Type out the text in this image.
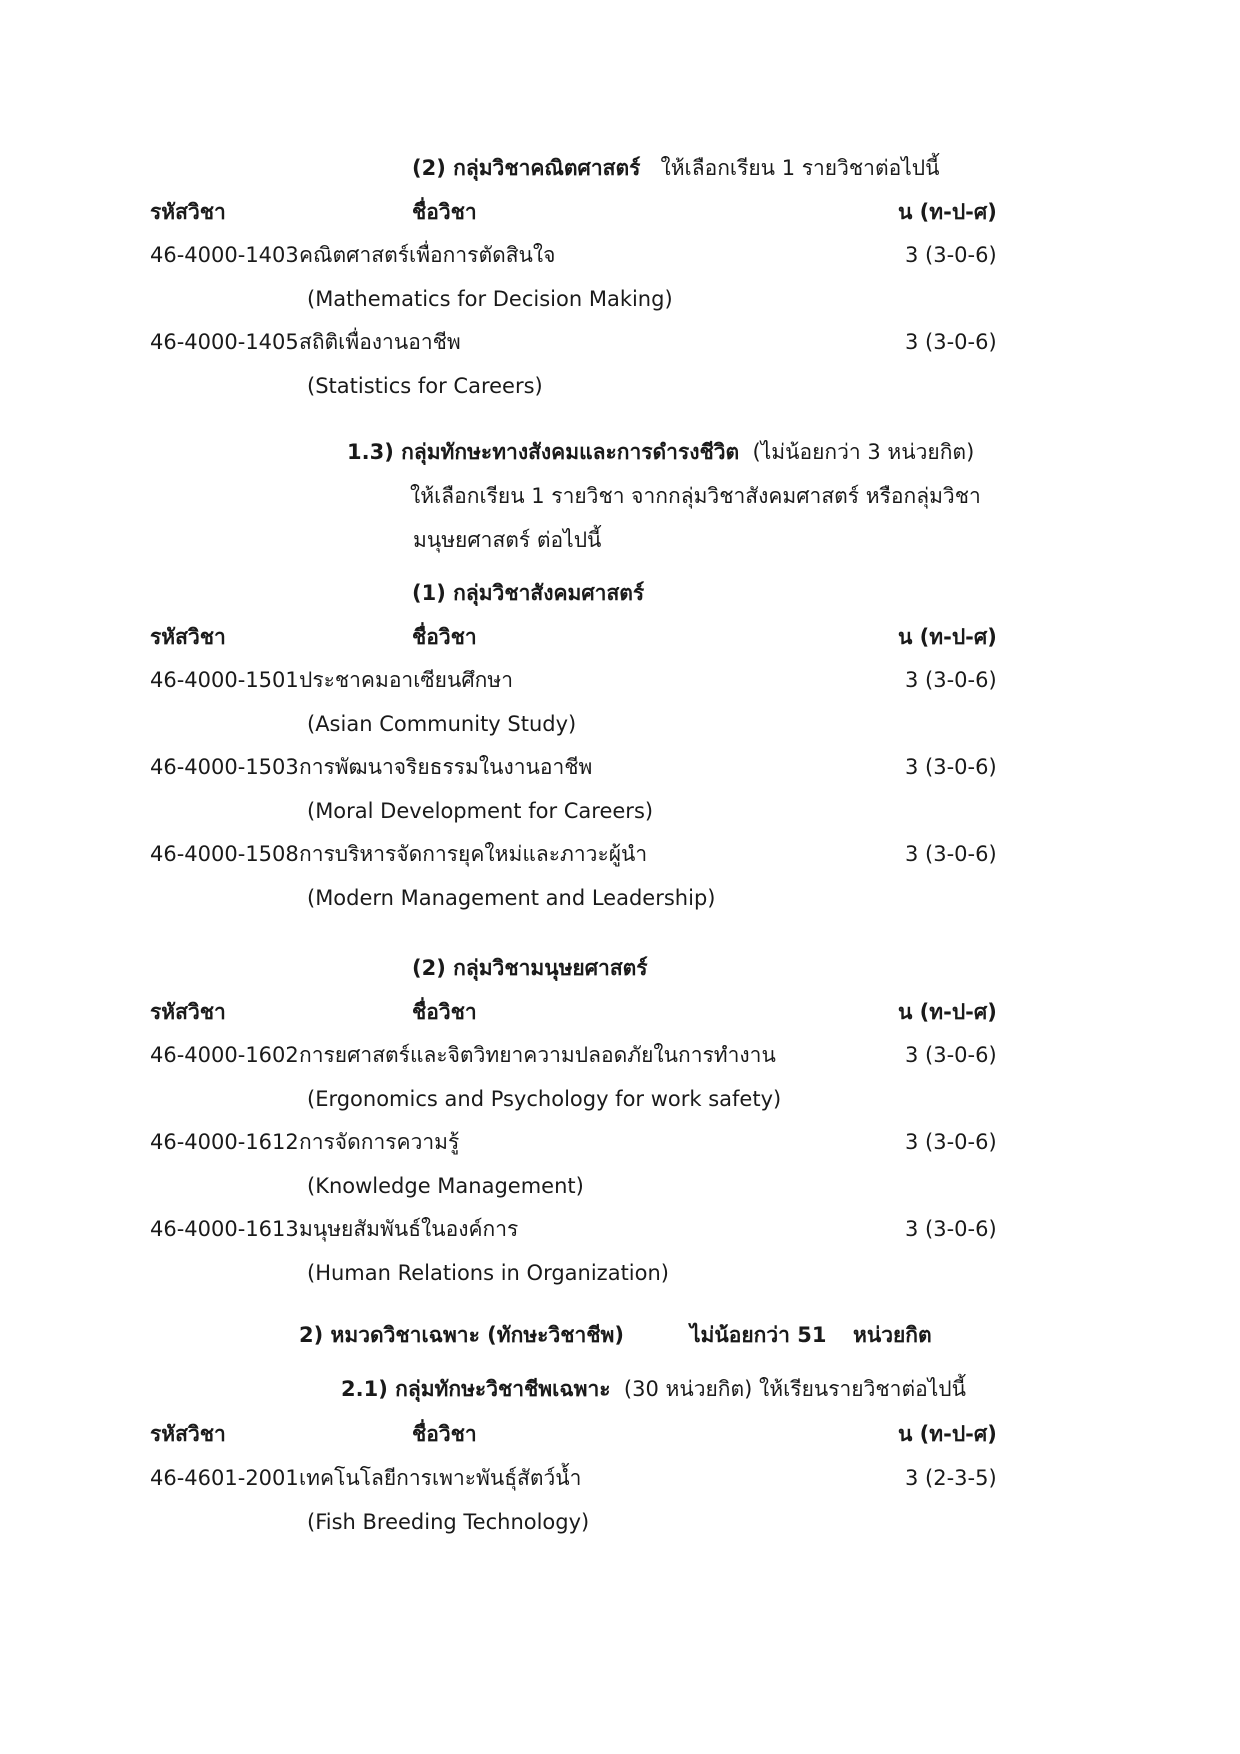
(2) กลุ่มวิชาคณิตศาสตร์ ให้เลือกเรียน 1 รายวิชาต่อไปนี้
รหัสวิชา	ชื่อวิชา	น (ท-ป-ศ)
46-4000-1403 คณิตศาสตร์เพื่อการตัดสินใจ	3 (3-0-6)
(Mathematics for Decision Making)
46-4000-1405 สถิติเพื่องานอาชีพ	3 (3-0-6)
(Statistics for Careers)
1.3) กลุ่มทักษะทางสังคมและการดำรงชีวิต (ไม่น้อยกว่า 3 หน่วยกิต)
ให้เลือกเรียน 1 รายวิชา จากกลุ่มวิชาสังคมศาสตร์ หรือกลุ่มวิชา
มนุษยศาสตร์ ต่อไปนี้
(1) กลุ่มวิชาสังคมศาสตร์
รหัสวิชา	ชื่อวิชา	น (ท-ป-ศ)
46-4000-1501 ประชาคมอาเซียนศึกษา	3 (3-0-6)
(Asian Community Study)
46-4000-1503 การพัฒนาจริยธรรมในงานอาชีพ	3 (3-0-6)
(Moral Development for Careers)
46-4000-1508 การบริหารจัดการยุคใหม่และภาวะผู้นำ	3 (3-0-6)
(Modern Management and Leadership)
(2) กลุ่มวิชามนุษยศาสตร์
รหัสวิชา	ชื่อวิชา	น (ท-ป-ศ)
46-4000-1602 การยศาสตร์และจิตวิทยาความปลอดภัยในการทำงาน	3 (3-0-6)
(Ergonomics and Psychology for work safety)
46-4000-1612 การจัดการความรู้	3 (3-0-6)
(Knowledge Management)
46-4000-1613 มนุษยสัมพันธ์ในองค์การ	3 (3-0-6)
(Human Relations in Organization)
2) หมวดวิชาเฉพาะ (ทักษะวิชาชีพ)	ไม่น้อยกว่า 51 หน่วยกิต
2.1) กลุ่มทักษะวิชาชีพเฉพาะ (30 หน่วยกิต) ให้เรียนรายวิชาต่อไปนี้
รหัสวิชา	ชื่อวิชา	น (ท-ป-ศ)
46-4601-2001 เทคโนโลยีการเพาะพันธุ์สัตว์น้ำ	3 (2-3-5)
(Fish Breeding Technology)
